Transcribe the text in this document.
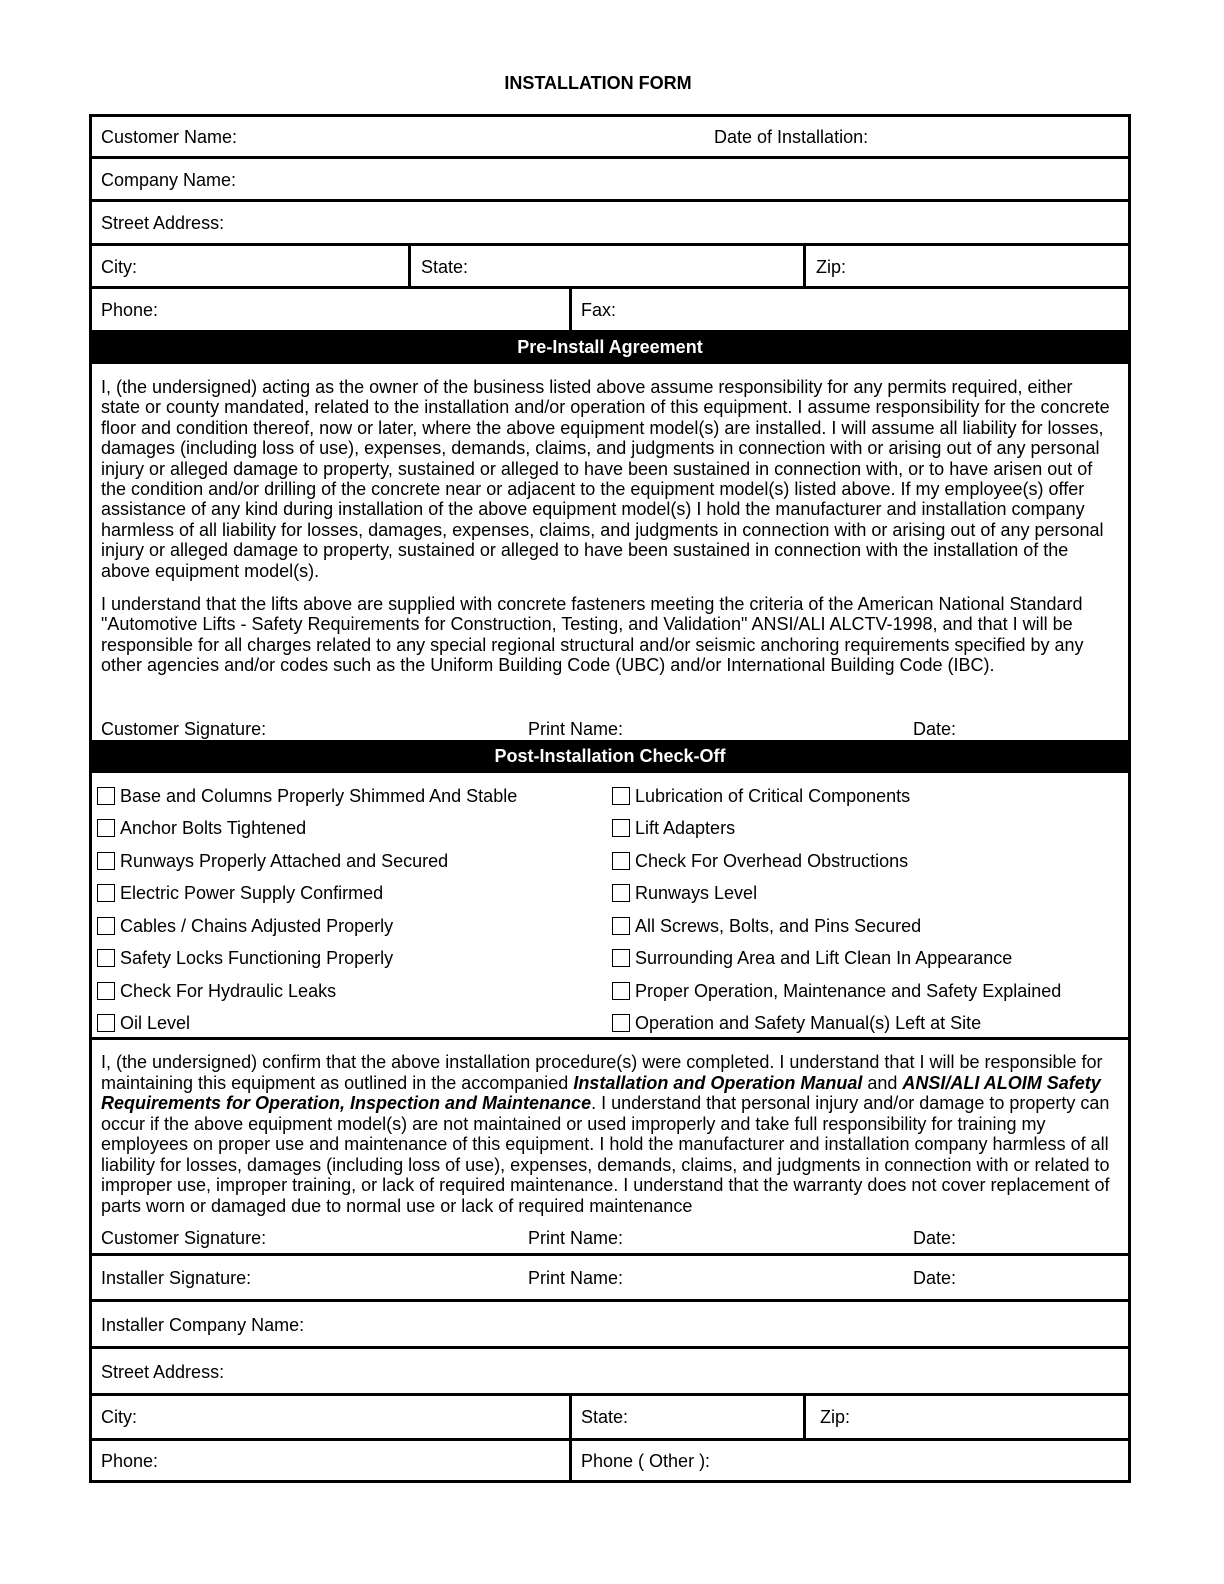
INSTALLATION FORM
Customer Name:	Date of Installation:
Company Name:
Street Address:
City:	State:	Zip:
Phone:	Fax:
Pre-Install Agreement
I, (the undersigned) acting as the owner of the business listed above assume responsibility for any permits required, either
state or county mandated, related to the installation and/or operation of this equipment. I assume responsibility for the concrete
floor and condition thereof, now or later, where the above equipment model(s) are installed. I will assume all liability for losses,
damages (including loss of use), expenses, demands, claims, and judgments in connection with or arising out of any personal
injury or alleged damage to property, sustained or alleged to have been sustained in connection with, or to have arisen out of
the condition and/or drilling of the concrete near or adjacent to the equipment model(s) listed above. If my employee(s) offer
assistance of any kind during installation of the above equipment model(s) I hold the manufacturer and installation company
harmless of all liability for losses, damages, expenses, claims, and judgments in connection with or arising out of any personal
injury or alleged damage to property, sustained or alleged to have been sustained in connection with the installation of the
above equipment model(s).
I understand that the lifts above are supplied with concrete fasteners meeting the criteria of the American National Standard
"Automotive Lifts - Safety Requirements for Construction, Testing, and Validation" ANSI/ALI ALCTV-1998, and that I will be
responsible for all charges related to any special regional structural and/or seismic anchoring requirements specified by any
other agencies and/or codes such as the Uniform Building Code (UBC) and/or International Building Code (IBC).
Customer Signature:	Print Name:	Date:
Post-Installation Check-Off
Base and Columns Properly Shimmed And Stable
Anchor Bolts Tightened
Runways Properly Attached and Secured
Electric Power Supply Confirmed
Cables / Chains Adjusted Properly
Safety Locks Functioning Properly
Check For Hydraulic Leaks
Oil Level
Lubrication of Critical Components
Lift Adapters
Check For Overhead Obstructions
Runways Level
All Screws, Bolts, and Pins Secured
Surrounding Area and Lift Clean In Appearance
Proper Operation, Maintenance and Safety Explained
Operation and Safety Manual(s) Left at Site
I, (the undersigned) confirm that the above installation procedure(s) were completed. I understand that I will be responsible for
maintaining this equipment as outlined in the accompanied Installation and Operation Manual and ANSI/ALI ALOIM Safety
Requirements for Operation, Inspection and Maintenance. I understand that personal injury and/or damage to property can
occur if the above equipment model(s) are not maintained or used improperly and take full responsibility for training my
employees on proper use and maintenance of this equipment. I hold the manufacturer and installation company harmless of all
liability for losses, damages (including loss of use), expenses, demands, claims, and judgments in connection with or related to
improper use, improper training, or lack of required maintenance. I understand that the warranty does not cover replacement of
parts worn or damaged due to normal use or lack of required maintenance
Customer Signature:	Print Name:	Date:
Installer Signature:	Print Name:	Date:
Installer Company Name:
Street Address:
City:	State:	Zip:
Phone:	Phone ( Other ):
